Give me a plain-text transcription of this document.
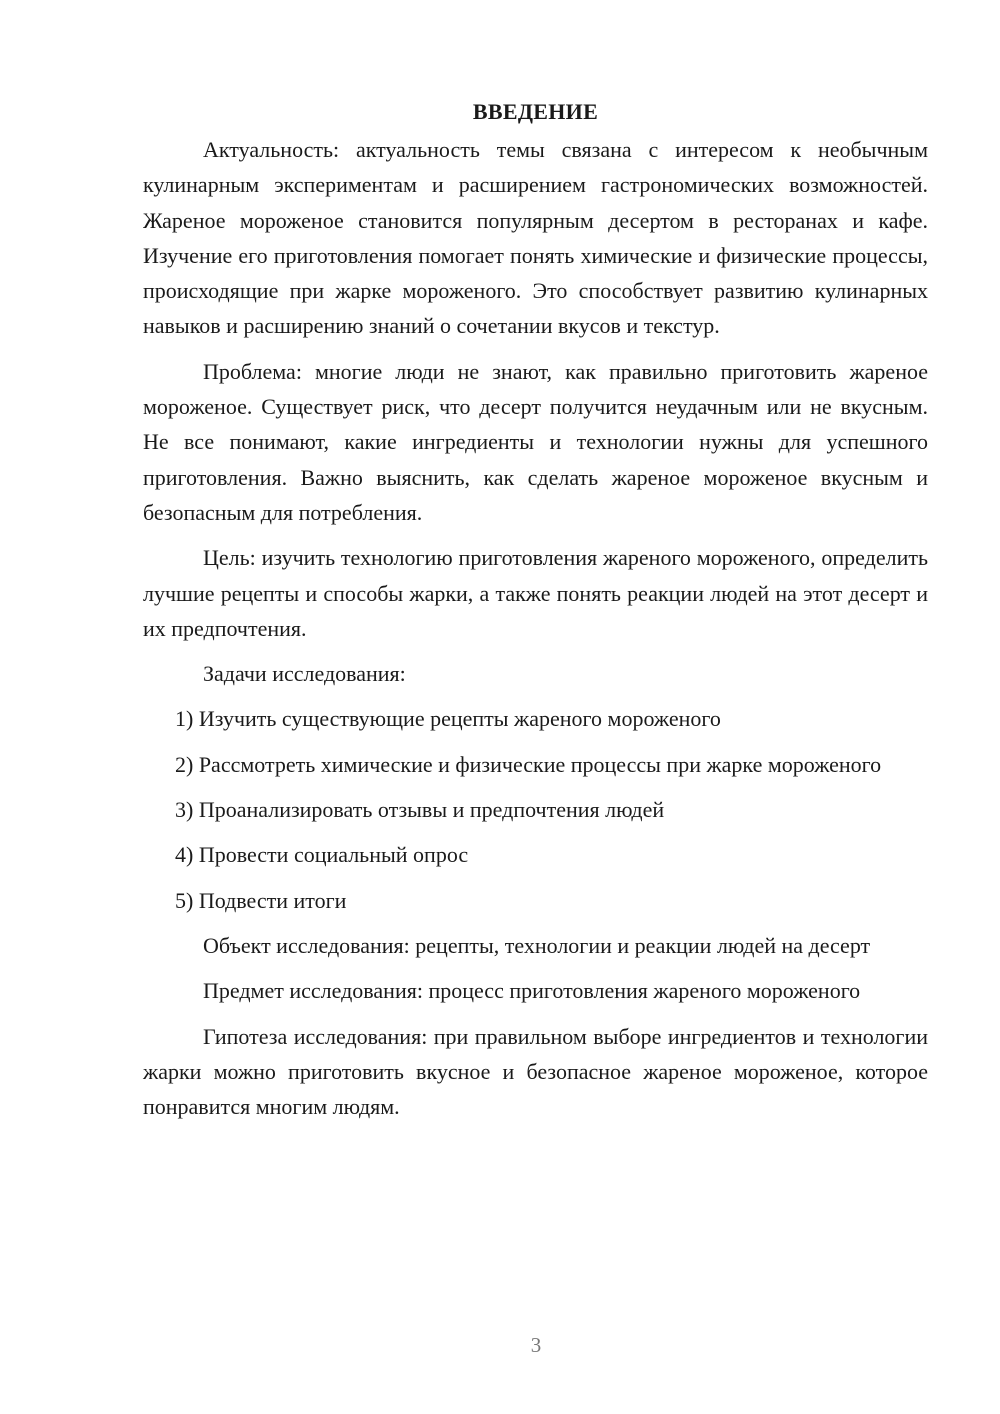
ВВЕДЕНИЕ

Актуальность: актуальность темы связана с интересом к необычным кулинарным экспериментам и расширением гастрономических возможностей. Жареное мороженое становится популярным десертом в ресторанах и кафе. Изучение его приготовления помогает понять химические и физические процессы, происходящие при жарке мороженого. Это способствует развитию кулинарных навыков и расширению знаний о сочетании вкусов и текстур.

Проблема: многие люди не знают, как правильно приготовить жареное мороженое. Существует риск, что десерт получится неудачным или не вкусным. Не все понимают, какие ингредиенты и технологии нужны для успешного приготовления. Важно выяснить, как сделать жареное мороженое вкусным и безопасным для потребления.

Цель: изучить технологию приготовления жареного мороженого, определить лучшие рецепты и способы жарки, а также понять реакции людей на этот десерт и их предпочтения.

Задачи исследования:

1) Изучить существующие рецепты жареного мороженого

2) Рассмотреть химические и физические процессы при жарке мороженого

3) Проанализировать отзывы и предпочтения людей

4) Провести социальный опрос

5) Подвести итоги

Объект исследования: рецепты, технологии и реакции людей на десерт

Предмет исследования: процесс приготовления жареного мороженого

Гипотеза исследования: при правильном выборе ингредиентов и технологии жарки можно приготовить вкусное и безопасное жареное мороженое, которое понравится многим людям.

3
